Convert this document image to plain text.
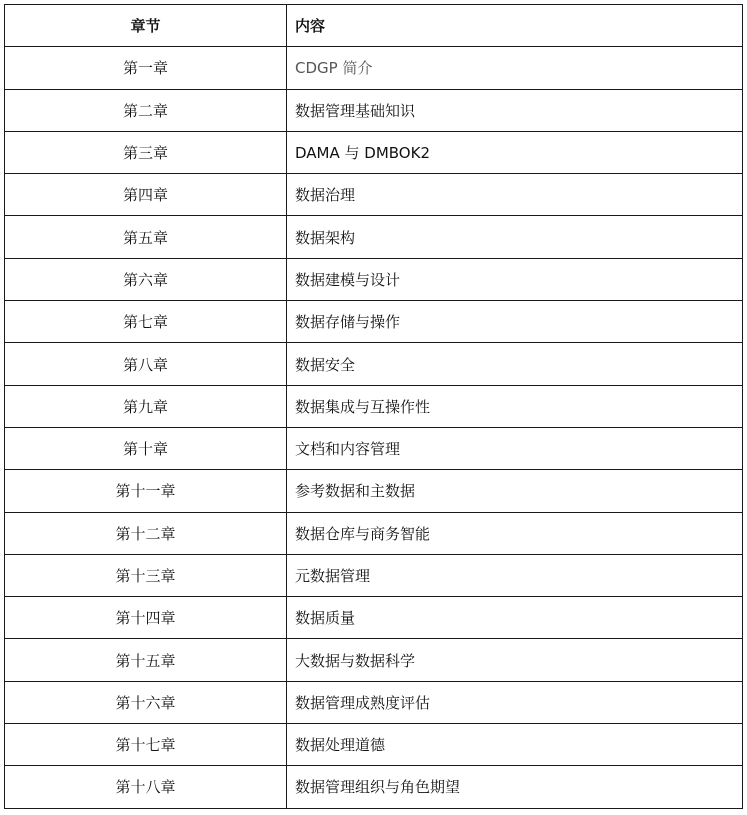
章节	内容
第一章	CDGP 简介
第二章	数据管理基础知识
第三章	DAMA 与 DMBOK2
第四章	数据治理
第五章	数据架构
第六章	数据建模与设计
第七章	数据存储与操作
第八章	数据安全
第九章	数据集成与互操作性
第十章	文档和内容管理
第十一章	参考数据和主数据
第十二章	数据仓库与商务智能
第十三章	元数据管理
第十四章	数据质量
第十五章	大数据与数据科学
第十六章	数据管理成熟度评估
第十七章	数据处理道德
第十八章	数据管理组织与角色期望
